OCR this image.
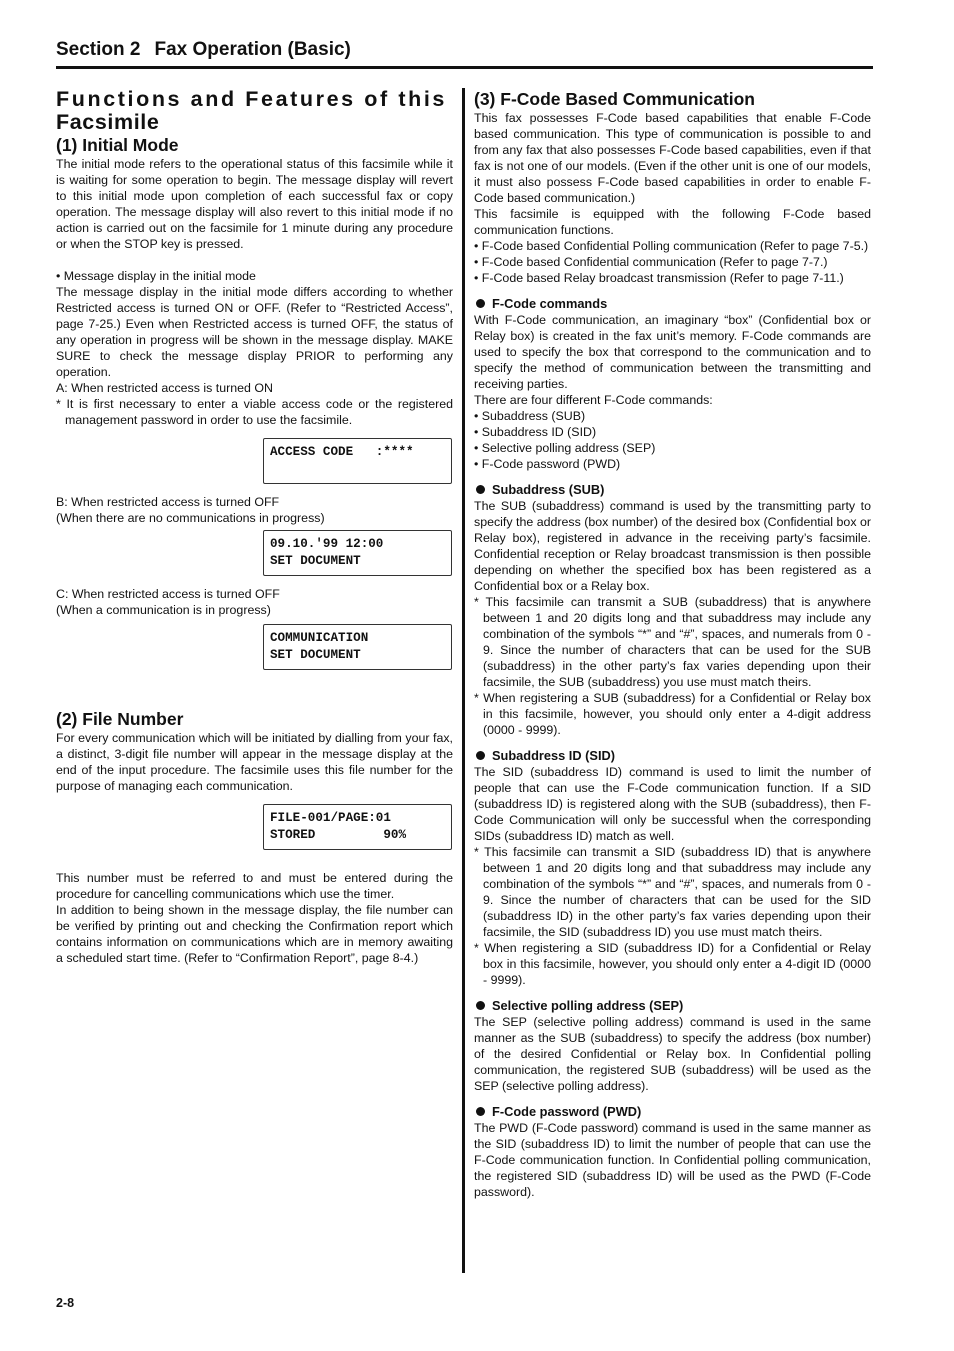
Section 2 Fax Operation (Basic)
Functions and Features of this
Facsimile
(1) Initial Mode

The initial mode refers to the operational status of this facsimile while it is waiting for some operation to begin. The message display will revert to this initial mode upon completion of each successful fax or copy operation. The message display will also revert to this initial mode if no action is carried out on the facsimile for 1 minute during any procedure or when the STOP key is pressed.

• Message display in the initial mode

The message display in the initial mode differs according to whether Restricted access is turned ON or OFF. (Refer to “Restricted Access”, page 7-25.) Even when Restricted access is turned OFF, the status of any operation in progress will be shown in the message display. MAKE SURE to check the message display PRIOR to performing any operation.

A: When restricted access is turned ON

* It is first necessary to enter a viable access code or the registered management password in order to use the facsimile.

ACCESS CODE   :****

B: When restricted access is turned OFF

(When there are no communications in progress)

09.10.'99 12:00
SET DOCUMENT

C: When restricted access is turned OFF

(When a communication is in progress)

COMMUNICATION
SET DOCUMENT
(2) File Number

For every communication which will be initiated by dialling from your fax, a distinct, 3-digit file number will appear in the message display at the end of the input procedure. The facsimile uses this file number for the purpose of managing each communication.

FILE-001/PAGE:01
STORED         90%

This number must be referred to and must be entered during the procedure for cancelling communications which use the timer.

In addition to being shown in the message display, the file number can be verified by printing out and checking the Confirmation report which contains information on communications which are in memory awaiting a scheduled start time. (Refer to “Confirmation Report”, page 8-4.)

(3) F-Code Based Communication

This fax possesses F-Code based capabilities that enable F-Code based communication. This type of communication is possible to and from any fax that also possesses F-Code based capabilities, even if that fax is not one of our models. (Even if the other unit is one of our models, it must also possess F-Code based capabilities in order to enable F-Code based communication.)

This facsimile is equipped with the following F-Code based communication functions.

• F-Code based Confidential Polling communication (Refer to page 7-5.)

• F-Code based Confidential communication (Refer to page 7-7.)

• F-Code based Relay broadcast transmission (Refer to page 7-11.)

F-Code commands

With F-Code communication, an imaginary “box” (Confidential box or Relay box) is created in the fax unit’s memory. F-Code commands are used to specify the box that correspond to the communication and to specify the method of communication between the transmitting and receiving parties.

There are four different F-Code commands:

• Subaddress (SUB)

• Subaddress ID (SID)

• Selective polling address (SEP)

• F-Code password (PWD)

Subaddress (SUB)

The SUB (subaddress) command is used by the transmitting party to specify the address (box number) of the desired box (Confidential box or Relay box), registered in advance in the receiving party’s facsimile. Confidential reception or Relay broadcast transmission is then possible depending on whether the specified box has been registered as a Confidential box or a Relay box.

* This facsimile can transmit a SUB (subaddress) that is anywhere between 1 and 20 digits long and that subaddress may include any combination of the symbols “*” and “#”, spaces, and numerals from 0 - 9. Since the number of characters that can be used for the SUB (subaddress) in the other party’s fax varies depending upon their facsimile, the SUB (subaddress) you use must match theirs.

* When registering a SUB (subaddress) for a Confidential or Relay box in this facsimile, however, you should only enter a 4-digit address (0000 - 9999).

Subaddress ID (SID)

The SID (subaddress ID) command is used to limit the number of people that can use the F-Code communication function. If a SID (subaddress ID) is registered along with the SUB (subaddress), then F-Code Communication will only be successful when the corresponding SIDs (subaddress ID) match as well.

* This facsimile can transmit a SID (subaddress ID) that is anywhere between 1 and 20 digits long and that subaddress may include any combination of the symbols “*” and “#”, spaces, and numerals from 0 - 9. Since the number of characters that can be used for the SID (subaddress ID) in the other party’s fax varies depending upon their facsimile, the SID (subaddress ID) you use must match theirs.

* When registering a SID (subaddress ID) for a Confidential or Relay box in this facsimile, however, you should only enter a 4-digit ID (0000 - 9999).

Selective polling address (SEP)

The SEP (selective polling address) command is used in the same manner as the SUB (subaddress) to specify the address (box number) of the desired Confidential or Relay box. In Confidential polling communication, the registered SUB (subaddress) will be used as the SEP (selective polling address).

F-Code password (PWD)

The PWD (F-Code password) command is used in the same manner as the SID (subaddress ID) to limit the number of people that can use the F-Code communication function. In Confidential polling communication, the registered SID (subaddress ID) will be used as the PWD (F-Code password).

2-8
